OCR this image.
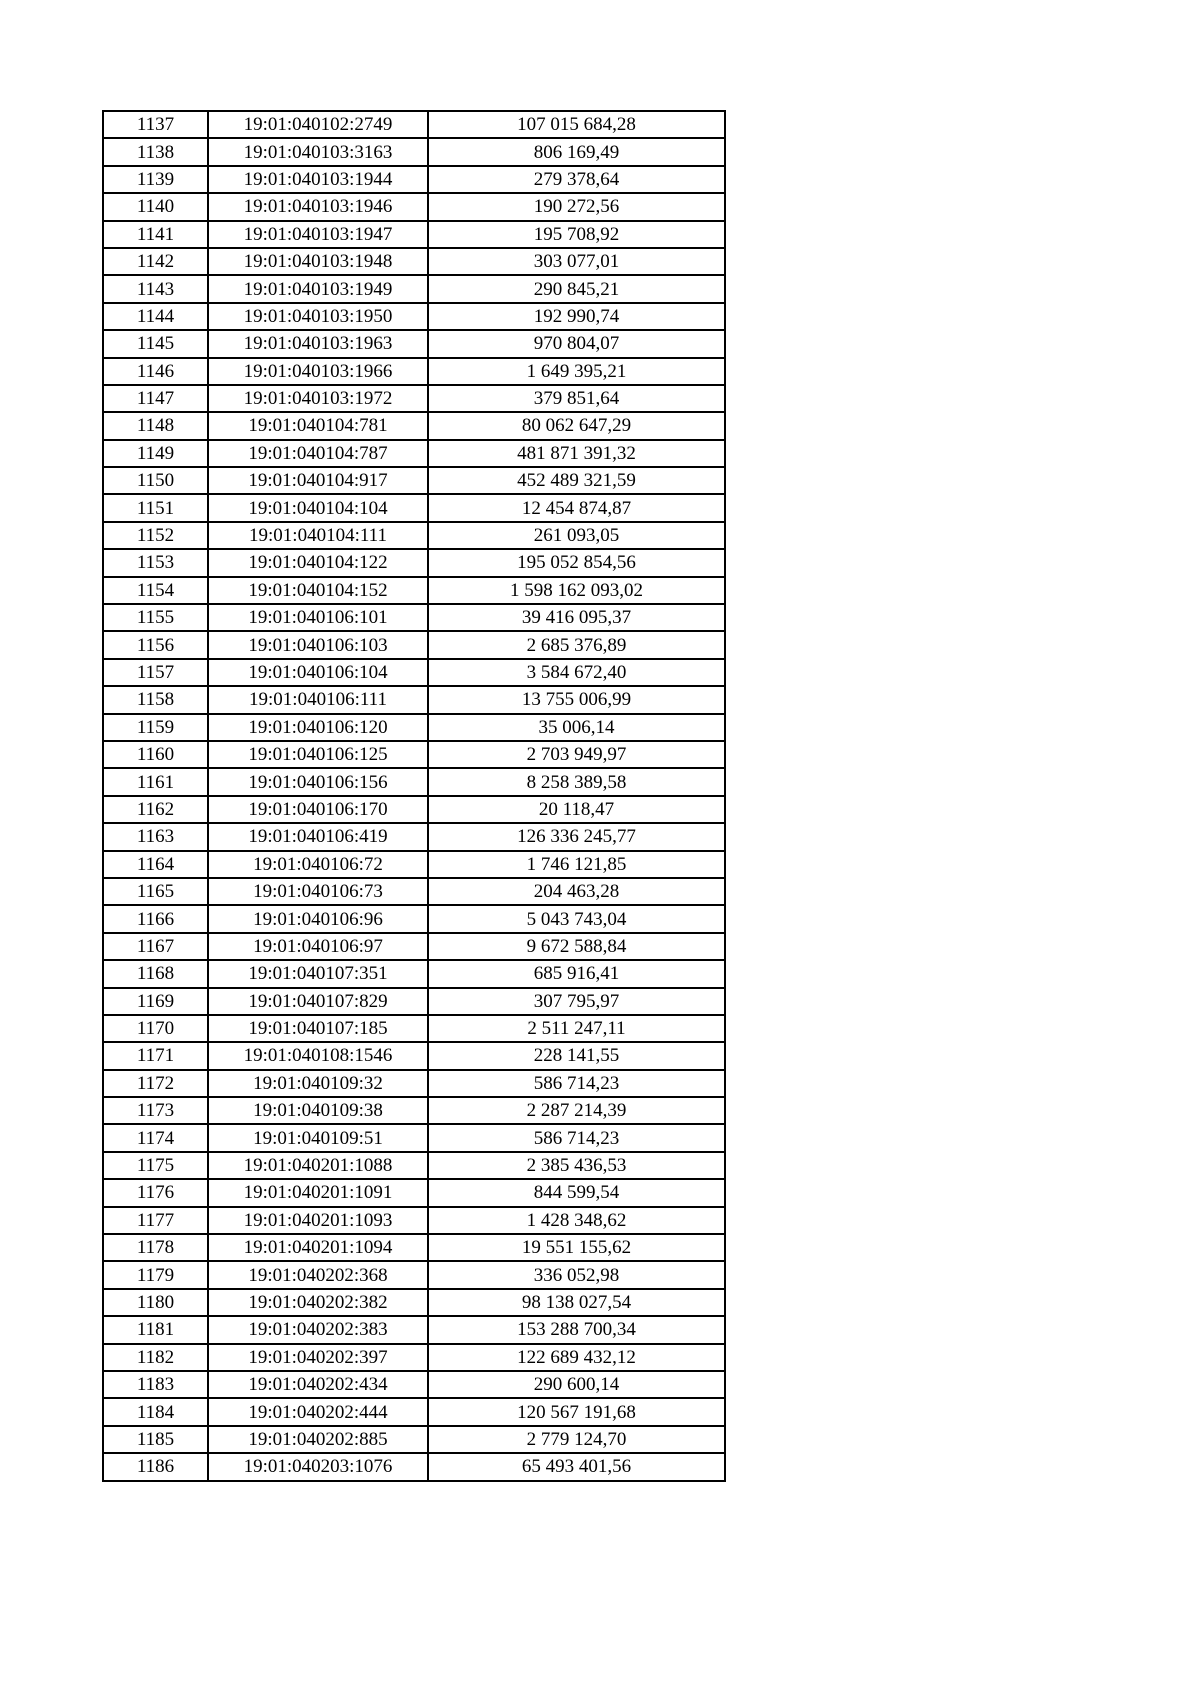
1137	19:01:040102:2749	107 015 684,28
1138	19:01:040103:3163	806 169,49
1139	19:01:040103:1944	279 378,64
1140	19:01:040103:1946	190 272,56
1141	19:01:040103:1947	195 708,92
1142	19:01:040103:1948	303 077,01
1143	19:01:040103:1949	290 845,21
1144	19:01:040103:1950	192 990,74
1145	19:01:040103:1963	970 804,07
1146	19:01:040103:1966	1 649 395,21
1147	19:01:040103:1972	379 851,64
1148	19:01:040104:781	80 062 647,29
1149	19:01:040104:787	481 871 391,32
1150	19:01:040104:917	452 489 321,59
1151	19:01:040104:104	12 454 874,87
1152	19:01:040104:111	261 093,05
1153	19:01:040104:122	195 052 854,56
1154	19:01:040104:152	1 598 162 093,02
1155	19:01:040106:101	39 416 095,37
1156	19:01:040106:103	2 685 376,89
1157	19:01:040106:104	3 584 672,40
1158	19:01:040106:111	13 755 006,99
1159	19:01:040106:120	35 006,14
1160	19:01:040106:125	2 703 949,97
1161	19:01:040106:156	8 258 389,58
1162	19:01:040106:170	20 118,47
1163	19:01:040106:419	126 336 245,77
1164	19:01:040106:72	1 746 121,85
1165	19:01:040106:73	204 463,28
1166	19:01:040106:96	5 043 743,04
1167	19:01:040106:97	9 672 588,84
1168	19:01:040107:351	685 916,41
1169	19:01:040107:829	307 795,97
1170	19:01:040107:185	2 511 247,11
1171	19:01:040108:1546	228 141,55
1172	19:01:040109:32	586 714,23
1173	19:01:040109:38	2 287 214,39
1174	19:01:040109:51	586 714,23
1175	19:01:040201:1088	2 385 436,53
1176	19:01:040201:1091	844 599,54
1177	19:01:040201:1093	1 428 348,62
1178	19:01:040201:1094	19 551 155,62
1179	19:01:040202:368	336 052,98
1180	19:01:040202:382	98 138 027,54
1181	19:01:040202:383	153 288 700,34
1182	19:01:040202:397	122 689 432,12
1183	19:01:040202:434	290 600,14
1184	19:01:040202:444	120 567 191,68
1185	19:01:040202:885	2 779 124,70
1186	19:01:040203:1076	65 493 401,56
